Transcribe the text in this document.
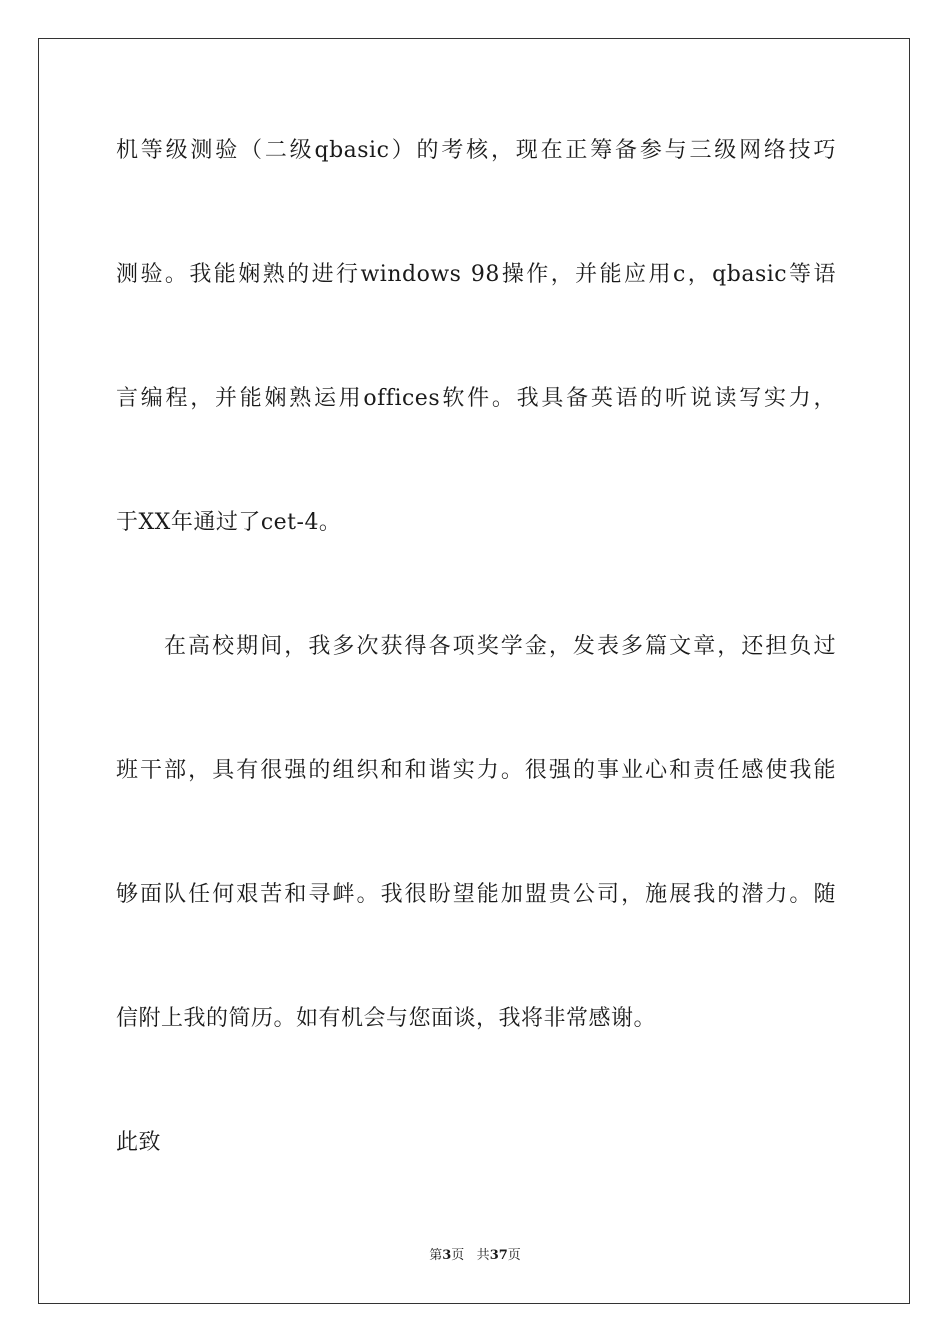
机等级测验（二级qbasic）的考核，现在正筹备参与三级网络技巧
测验。我能娴熟的进行windows 98操作，并能应用c，qbasic等语
言编程，并能娴熟运用offices软件。我具备英语的听说读写实力，
于XX年通过了cet-4。
在高校期间，我多次获得各项奖学金，发表多篇文章，还担负过
班干部，具有很强的组织和和谐实力。很强的事业心和责任感使我能
够面队任何艰苦和寻衅。我很盼望能加盟贵公司，施展我的潜力。随
信附上我的简历。如有机会与您面谈，我将非常感谢。
此致
第3页 共37页
